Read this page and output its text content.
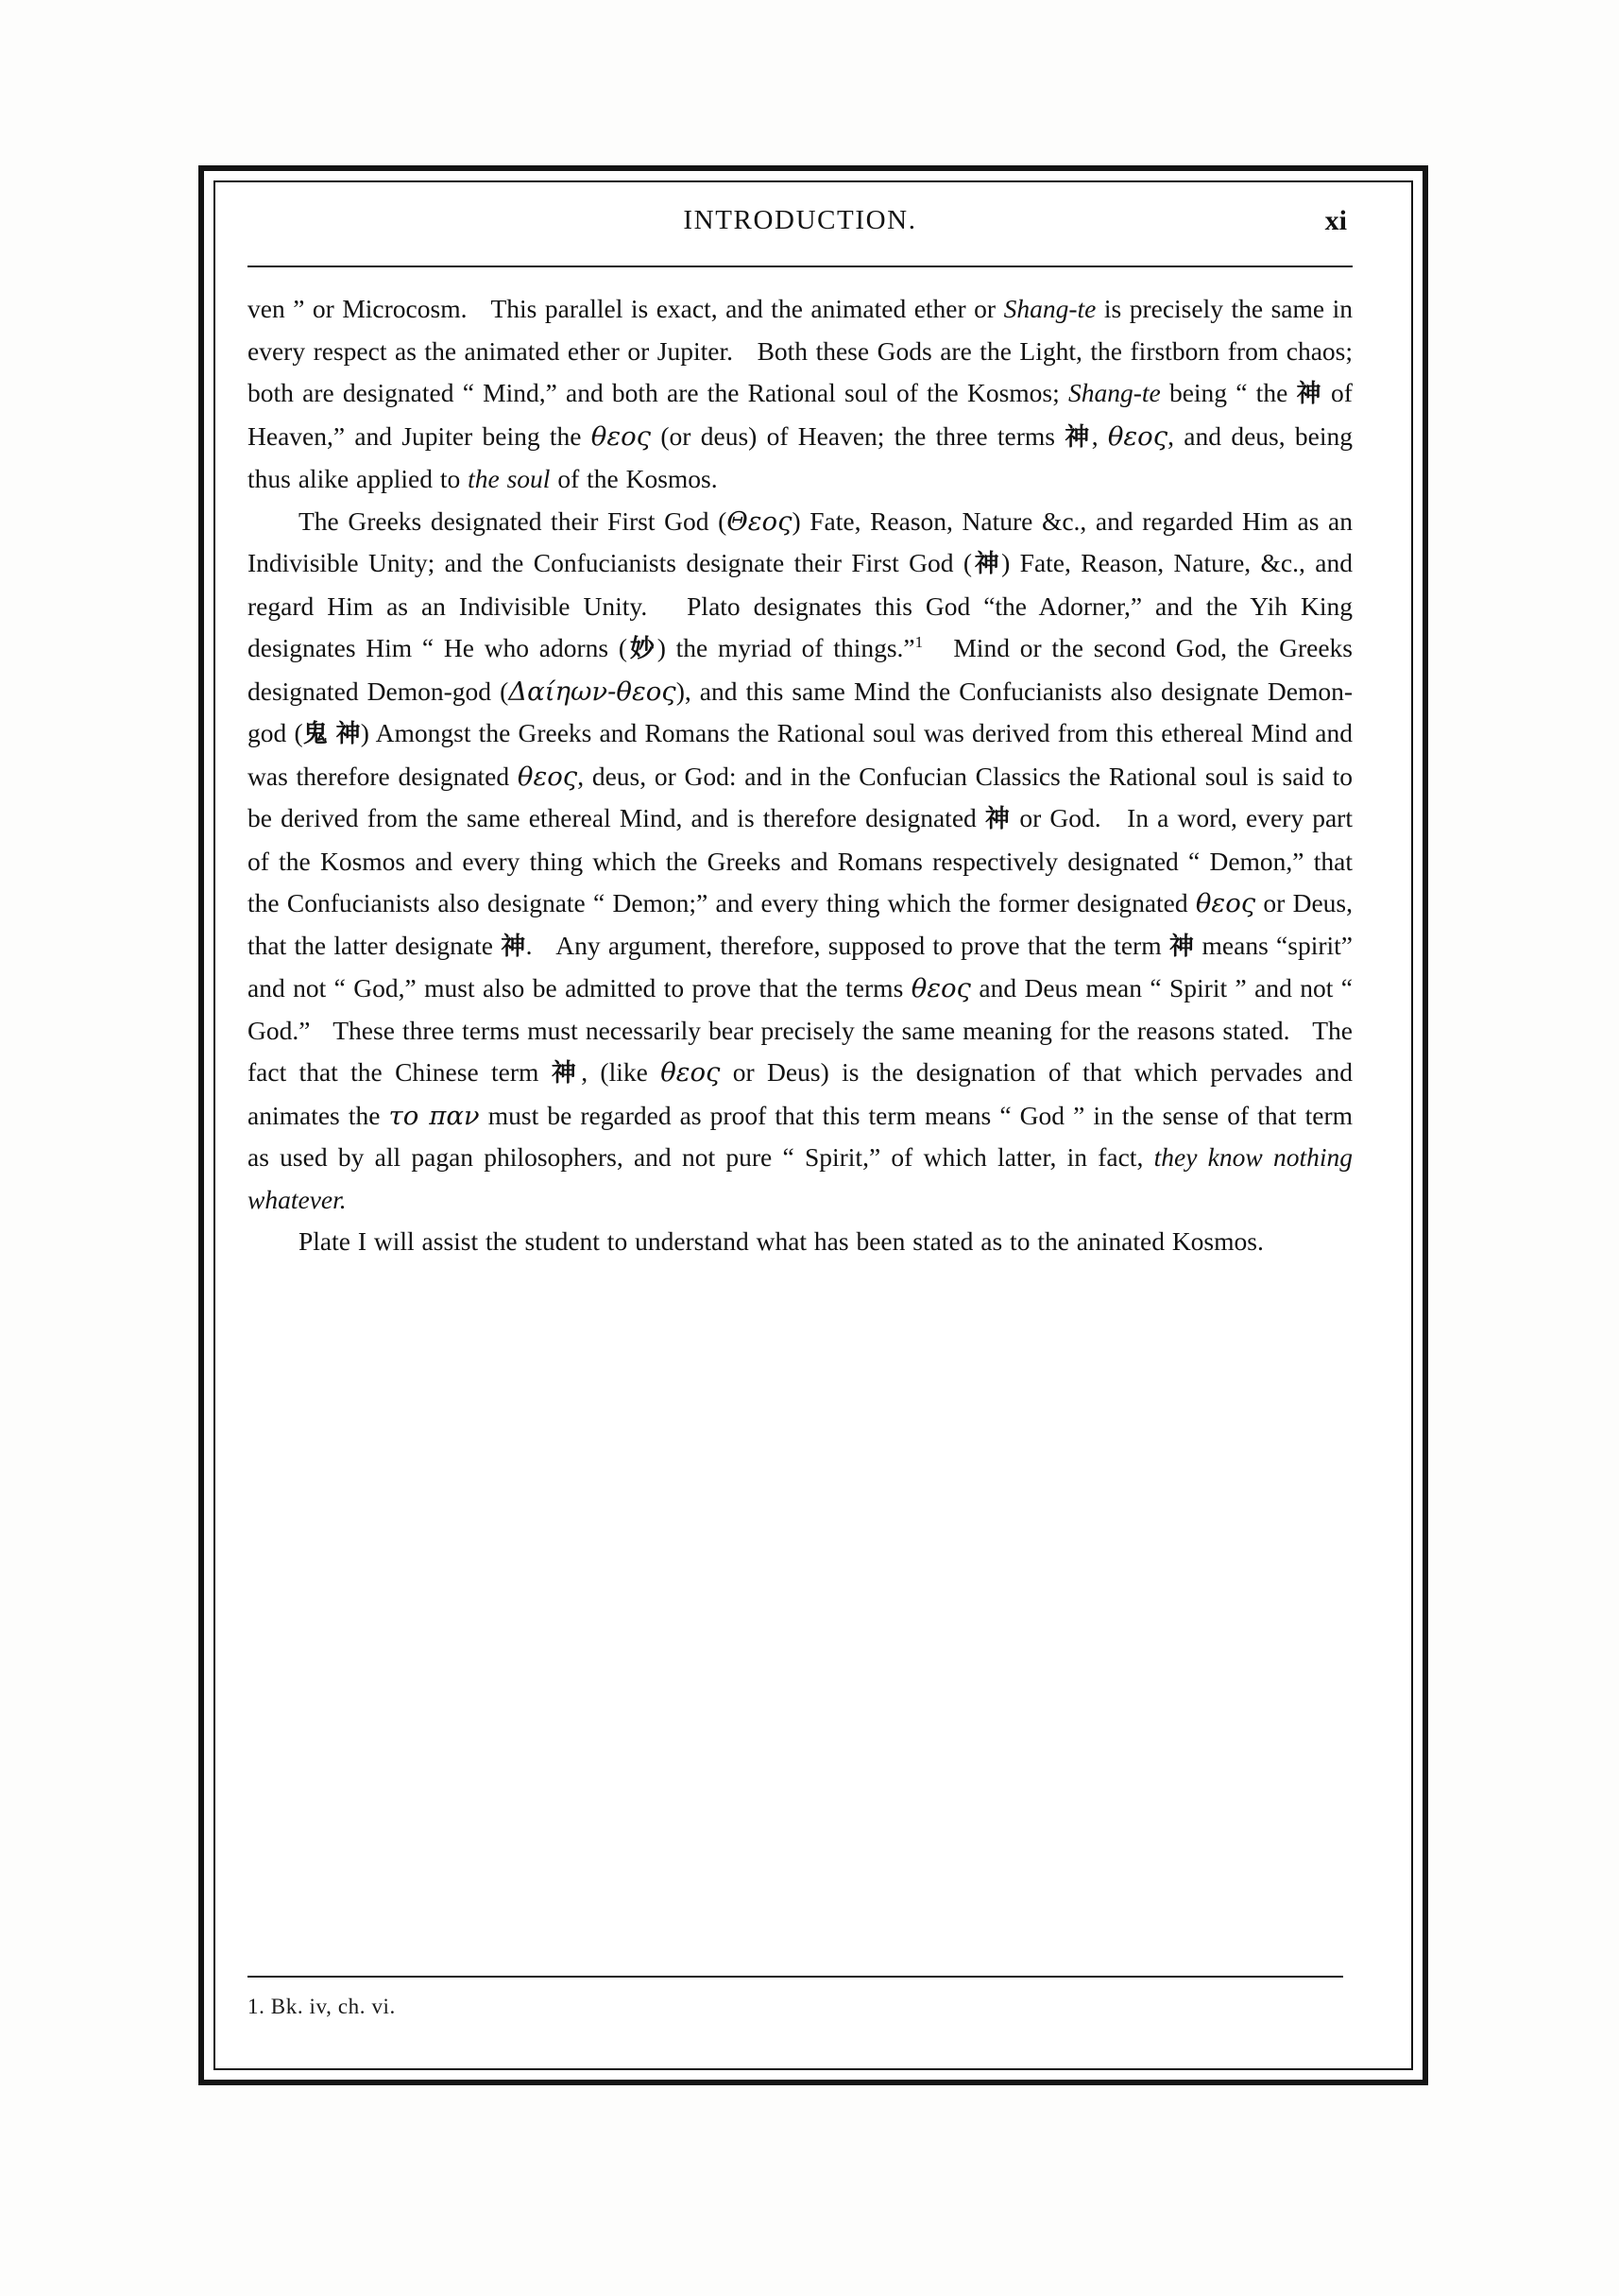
INTRODUCTION.	xi

ven ” or Microcosm.   This parallel is exact, and the animated ether or Shang-te is precisely the same in every respect as the animated ether or Jupiter.   Both these Gods are the Light, the firstborn from chaos; both are designated “ Mind,” and both are the Rational soul of the Kosmos; Shang-te being “ the 神 of Heaven,” and Jupiter being the θεος (or deus) of Heaven; the three terms 神, θεος, and deus, being thus alike applied to the soul of the Kosmos.

The Greeks designated their First God (Θεος) Fate, Reason, Nature &c., and regarded Him as an Indivisible Unity; and the Confucianists designate their First God (神) Fate, Reason, Nature, &c., and regard Him as an Indivisible Unity.   Plato designates this God “the Adorner,” and the Yih King designates Him “ He who adorns (妙) the myriad of things.”$^1$   Mind or the second God, the Greeks designated Demon-god (Δαίηων-θεος), and this same Mind the Confucianists also designate Demon-god (鬼 神) Amongst the Greeks and Romans the Rational soul was derived from this ethereal Mind and was therefore designated θεος, deus, or God: and in the Confucian Classics the Rational soul is said to be derived from the same ethereal Mind, and is therefore designated 神 or God.   In a word, every part of the Kosmos and every thing which the Greeks and Romans respectively designated “ Demon,” that the Confucianists also designate “ Demon;” and every thing which the former designated θεος or Deus, that the latter designate 神.   Any argument, therefore, supposed to prove that the term 神 means “spirit” and not “ God,” must also be admitted to prove that the terms θεος and Deus mean “ Spirit ” and not “ God.”   These three terms must necessarily bear precisely the same meaning for the reasons stated.   The fact that the Chinese term 神, (like θεος or Deus) is the designation of that which pervades and animates the το παν must be regarded as proof that this term means “ God ” in the sense of that term as used by all pagan philosophers, and not pure “ Spirit,” of which latter, in fact, they know nothing whatever.

Plate I will assist the student to understand what has been stated as to the aninated Kosmos.

1. Bk. iv, ch. vi.
